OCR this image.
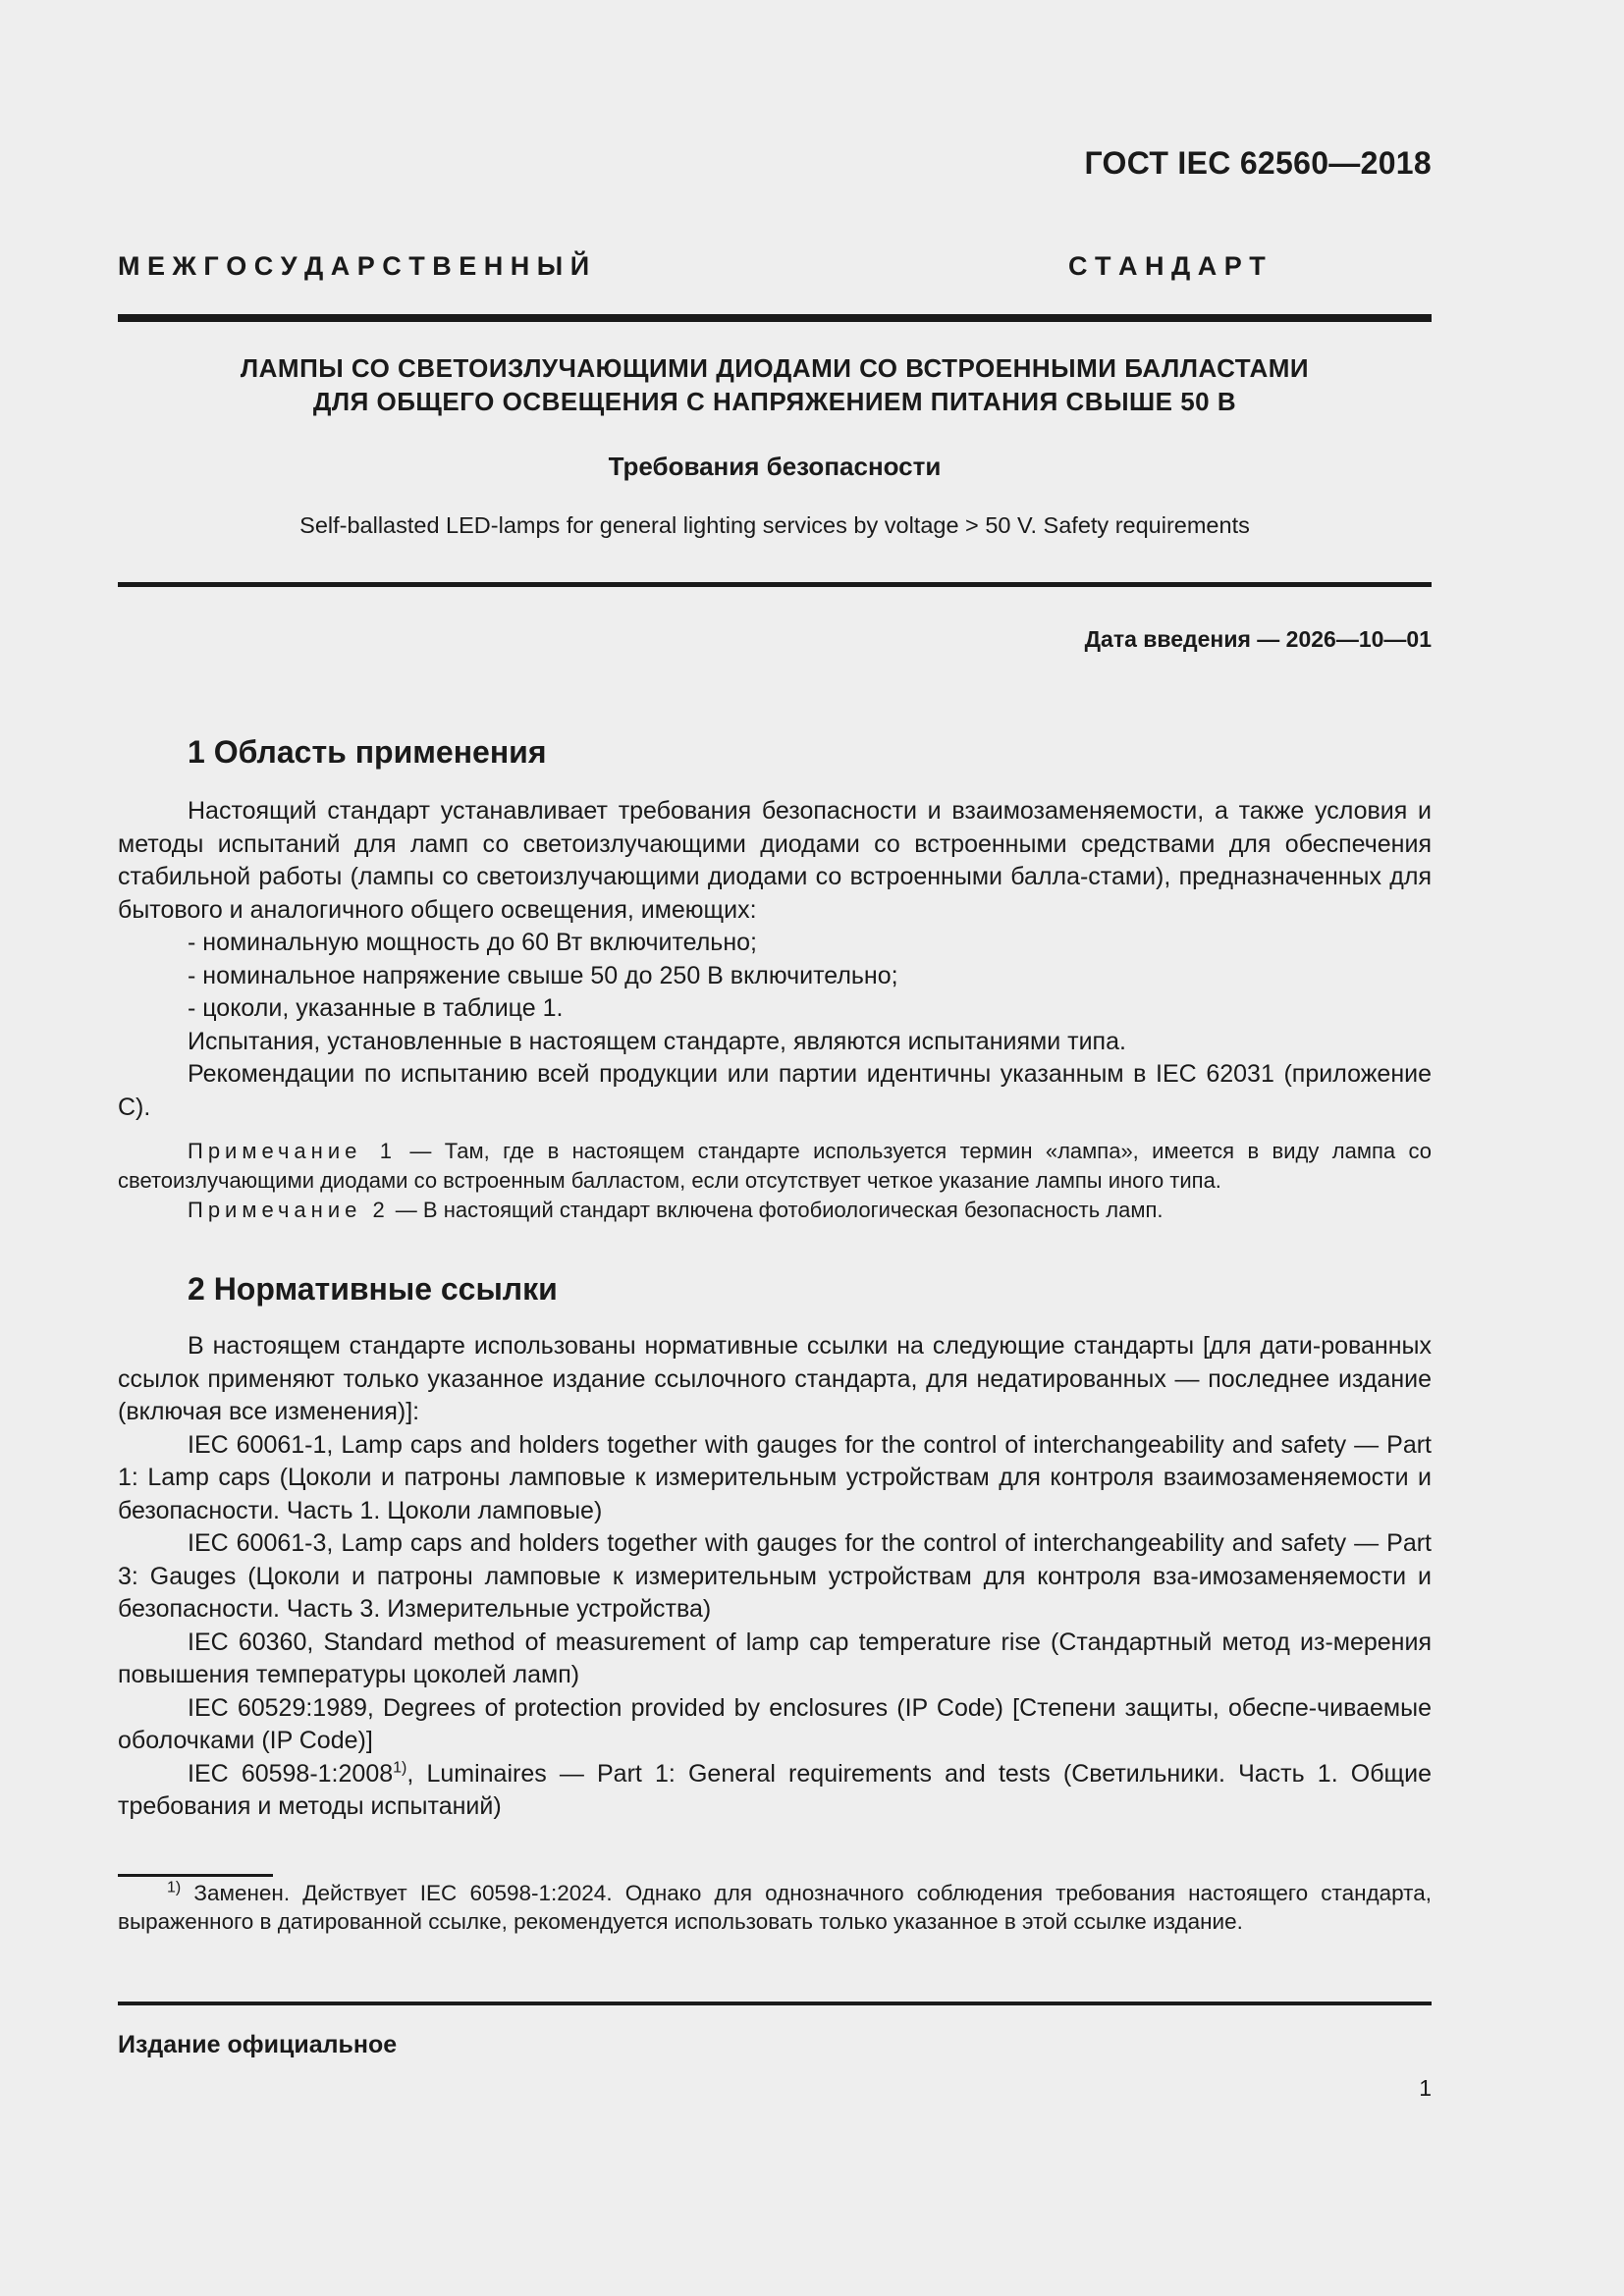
ГОСТ IEC 62560—2018
М Е Ж Г О С У Д А Р С Т В Е Н Н Ы Й	С Т А Н Д А Р Т
ЛАМПЫ СО СВЕТОИЗЛУЧАЮЩИМИ ДИОДАМИ СО ВСТРОЕННЫМИ БАЛЛАСТАМИ
ДЛЯ ОБЩЕГО ОСВЕЩЕНИЯ С НАПРЯЖЕНИЕМ ПИТАНИЯ СВЫШЕ 50 В
Требования безопасности
Self-ballasted LED-lamps for general lighting services by voltage > 50 V. Safety requirements
Дата введения — 2026—10—01
1 Область применения

Настоящий стандарт устанавливает требования безопасности и взаимозаменяемости, а также условия и методы испытаний для ламп со светоизлучающими диодами со встроенными средствами для обеспечения стабильной работы (лампы со светоизлучающими диодами со встроенными балла-стами), предназначенных для бытового и аналогичного общего освещения, имеющих:

- номинальную мощность до 60 Вт включительно;

- номинальное напряжение свыше 50 до 250 В включительно;

- цоколи, указанные в таблице 1.

Испытания, установленные в настоящем стандарте, являются испытаниями типа.

Рекомендации по испытанию всей продукции или партии идентичны указанным в IEC 62031 (приложение C).

Примечание 1 — Там, где в настоящем стандарте используется термин «лампа», имеется в виду лампа со светоизлучающими диодами со встроенным балластом, если отсутствует четкое указание лампы иного типа.

Примечание 2 — В настоящий стандарт включена фотобиологическая безопасность ламп.

2 Нормативные ссылки

В настоящем стандарте использованы нормативные ссылки на следующие стандарты [для дати-рованных ссылок применяют только указанное издание ссылочного стандарта, для недатированных — последнее издание (включая все изменения)]:

IEC 60061-1, Lamp caps and holders together with gauges for the control of interchangeability and safety — Part 1: Lamp caps (Цоколи и патроны ламповые к измерительным устройствам для контроля взаимозаменяемости и безопасности. Часть 1. Цоколи ламповые)

IEC 60061-3, Lamp caps and holders together with gauges for the control of interchangeability and safety — Part 3: Gauges (Цоколи и патроны ламповые к измерительным устройствам для контроля вза-имозаменяемости и безопасности. Часть 3. Измерительные устройства)

IEC 60360, Standard method of measurement of lamp cap temperature rise (Стандартный метод из-мерения повышения температуры цоколей ламп)

IEC 60529:1989, Degrees of protection provided by enclosures (IP Code) [Степени защиты, обеспе-чиваемые оболочками (IP Code)]

IEC 60598-1:2008$^{1)}$, Luminaires — Part 1: General requirements and tests (Светильники. Часть 1. Общие требования и методы испытаний)

$^{1)}$ Заменен. Действует IEC 60598-1:2024. Однако для однозначного соблюдения требования настоящего стандарта, выраженного в датированной ссылке, рекомендуется использовать только указанное в этой ссылке издание.

Издание официальное
1
